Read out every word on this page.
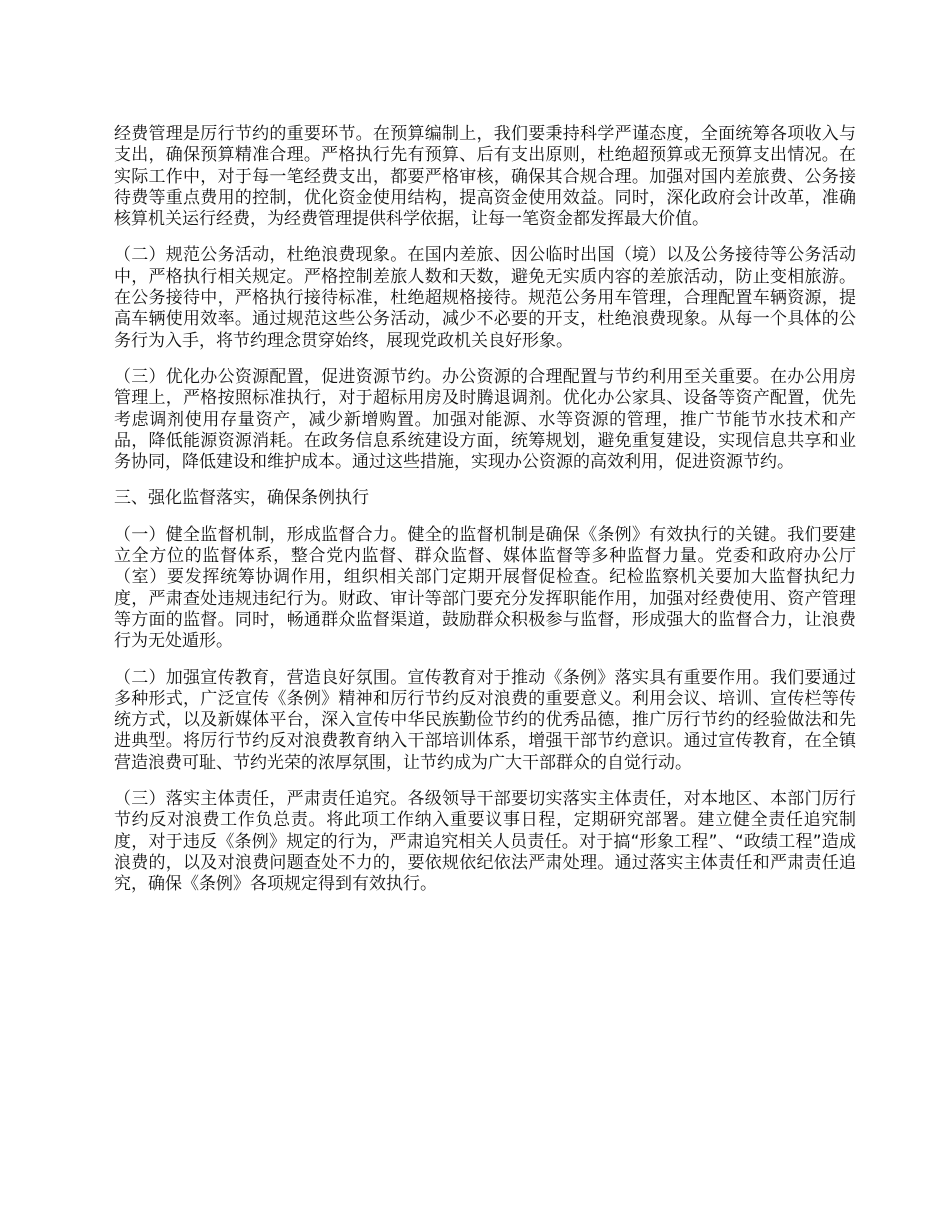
经费管理是厉行节约的重要环节。在预算编制上，我们要秉持科学严谨态度，全面统筹各项收入与支出，确保预算精准合理。严格执行先有预算、后有支出原则，杜绝超预算或无预算支出情况。在实际工作中，对于每一笔经费支出，都要严格审核，确保其合规合理。加强对国内差旅费、公务接待费等重点费用的控制，优化资金使用结构，提高资金使用效益。同时，深化政府会计改革，准确核算机关运行经费，为经费管理提供科学依据，让每一笔资金都发挥最大价值。

（二）规范公务活动，杜绝浪费现象。在国内差旅、因公临时出国（境）以及公务接待等公务活动中，严格执行相关规定。严格控制差旅人数和天数，避免无实质内容的差旅活动，防止变相旅游。在公务接待中，严格执行接待标准，杜绝超规格接待。规范公务用车管理，合理配置车辆资源，提高车辆使用效率。通过规范这些公务活动，减少不必要的开支，杜绝浪费现象。从每一个具体的公务行为入手，将节约理念贯穿始终，展现党政机关良好形象。

（三）优化办公资源配置，促进资源节约。办公资源的合理配置与节约利用至关重要。在办公用房管理上，严格按照标准执行，对于超标用房及时腾退调剂。优化办公家具、设备等资产配置，优先考虑调剂使用存量资产，减少新增购置。加强对能源、水等资源的管理，推广节能节水技术和产品，降低能源资源消耗。在政务信息系统建设方面，统筹规划，避免重复建设，实现信息共享和业务协同，降低建设和维护成本。通过这些措施，实现办公资源的高效利用，促进资源节约。

三、强化监督落实，确保条例执行

（一）健全监督机制，形成监督合力。健全的监督机制是确保《条例》有效执行的关键。我们要建立全方位的监督体系，整合党内监督、群众监督、媒体监督等多种监督力量。党委和政府办公厅（室）要发挥统筹协调作用，组织相关部门定期开展督促检查。纪检监察机关要加大监督执纪力度，严肃查处违规违纪行为。财政、审计等部门要充分发挥职能作用，加强对经费使用、资产管理等方面的监督。同时，畅通群众监督渠道，鼓励群众积极参与监督，形成强大的监督合力，让浪费行为无处遁形。

（二）加强宣传教育，营造良好氛围。宣传教育对于推动《条例》落实具有重要作用。我们要通过多种形式，广泛宣传《条例》精神和厉行节约反对浪费的重要意义。利用会议、培训、宣传栏等传统方式，以及新媒体平台，深入宣传中华民族勤俭节约的优秀品德，推广厉行节约的经验做法和先进典型。将厉行节约反对浪费教育纳入干部培训体系，增强干部节约意识。通过宣传教育，在全镇营造浪费可耻、节约光荣的浓厚氛围，让节约成为广大干部群众的自觉行动。

（三）落实主体责任，严肃责任追究。各级领导干部要切实落实主体责任，对本地区、本部门厉行节约反对浪费工作负总责。将此项工作纳入重要议事日程，定期研究部署。建立健全责任追究制度，对于违反《条例》规定的行为，严肃追究相关人员责任。对于搞“形象工程”、“政绩工程”造成浪费的，以及对浪费问题查处不力的，要依规依纪依法严肃处理。通过落实主体责任和严肃责任追究，确保《条例》各项规定得到有效执行。
